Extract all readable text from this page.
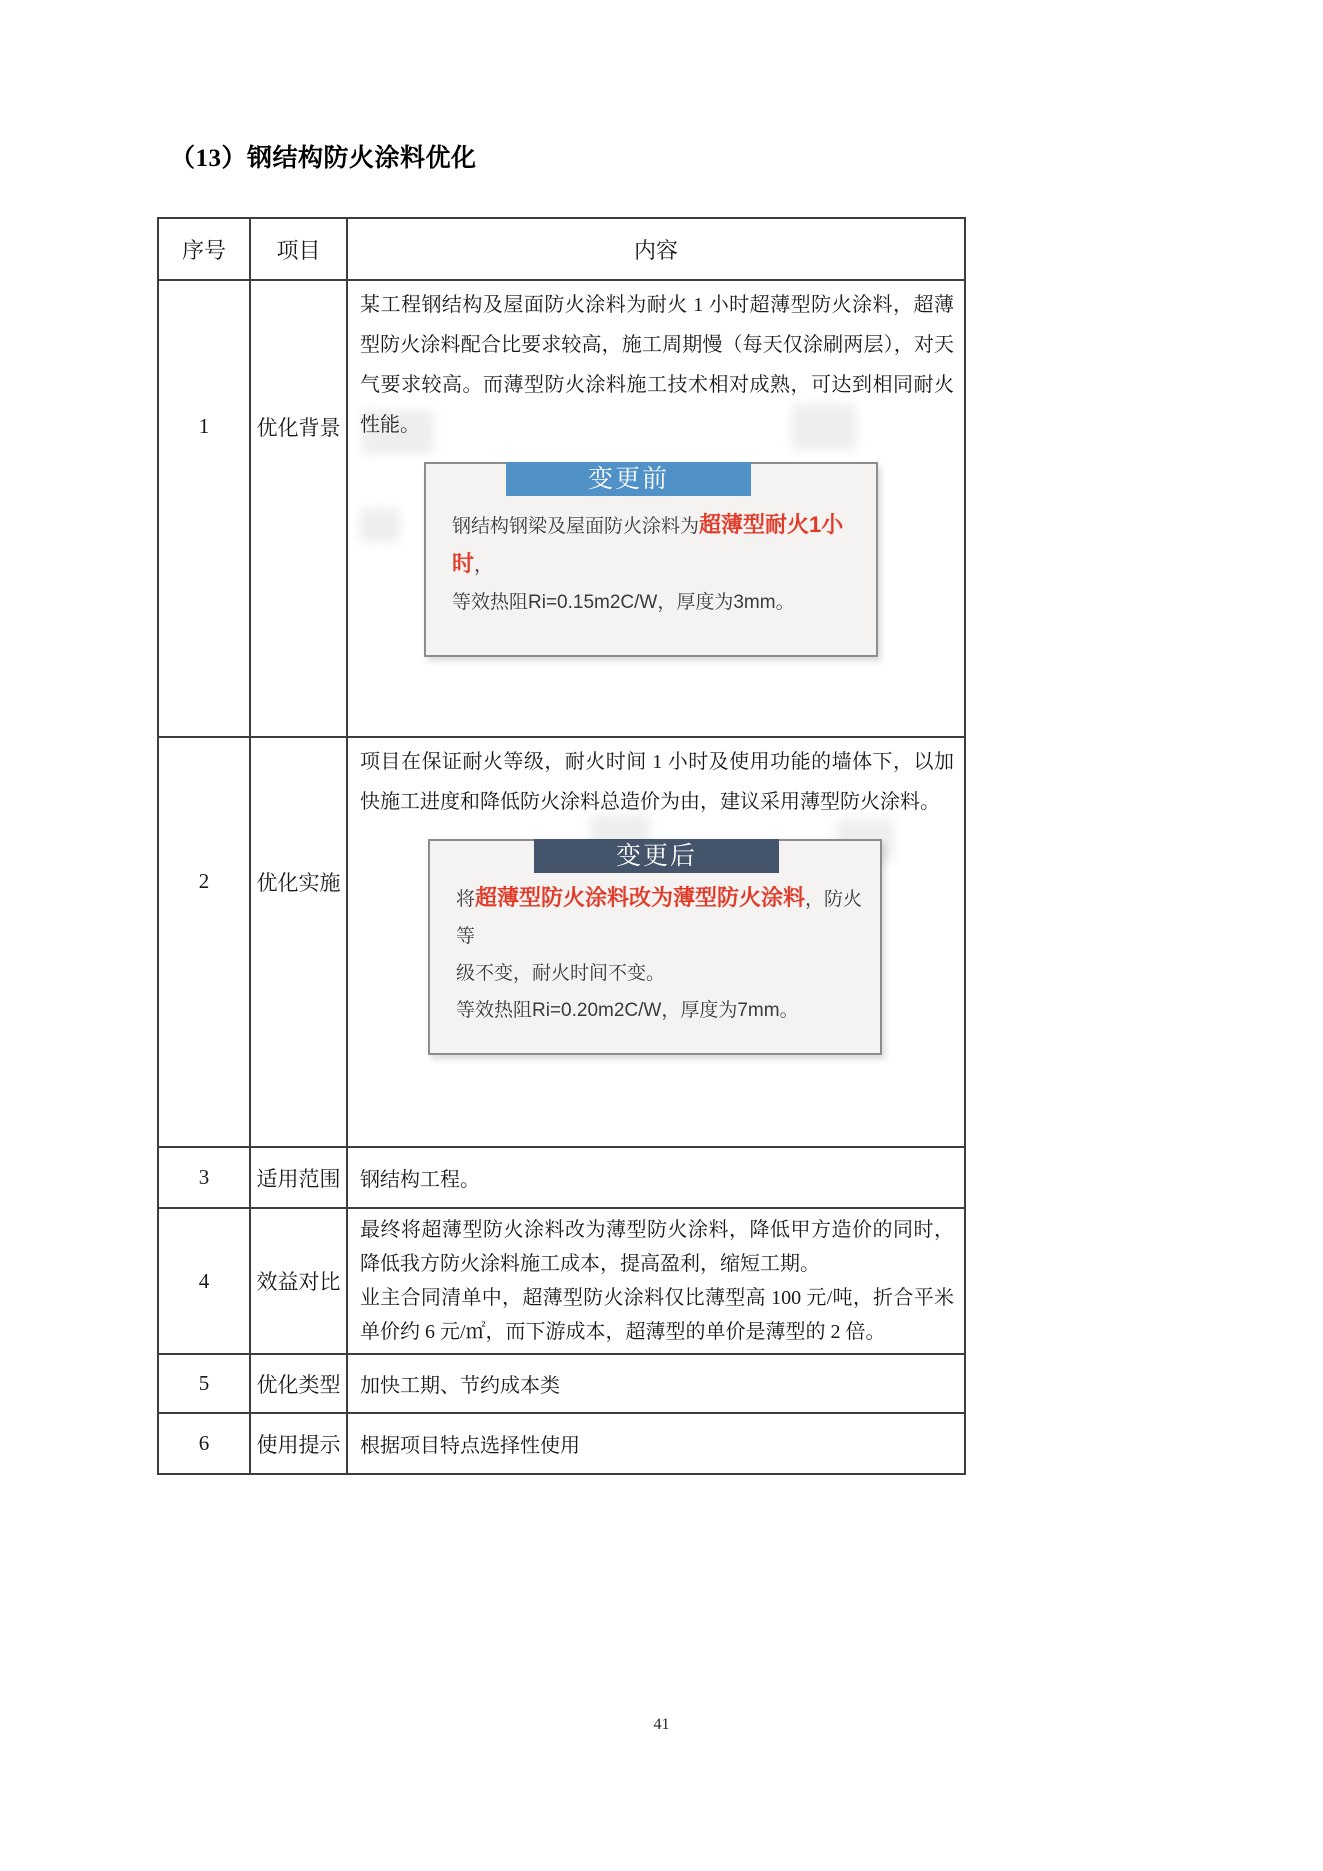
（13）钢结构防火涂料优化
序号	项目	内容
1	优化背景	某工程钢结构及屋面防火涂料为耐火 1 小时超薄型防火涂料，超薄型防火涂料配合比要求较高，施工周期慢（每天仅涂刷两层），对天气要求较高。而薄型防火涂料施工技术相对成熟，可达到相同耐火性能。

变更前
钢结构钢梁及屋面防火涂料为超薄型耐火1小时，
等效热阻Ri=0.15m2C/W，厚度为3mm。

2	优化实施	项目在保证耐火等级，耐火时间 1 小时及使用功能的墙体下，以加快施工进度和降低防火涂料总造价为由，建议采用薄型防火涂料。

变更后
将超薄型防火涂料改为薄型防火涂料，防火等
级不变，耐火时间不变。
等效热阻Ri=0.20m2C/W，厚度为7mm。

3	适用范围	钢结构工程。
4	效益对比	最终将超薄型防火涂料改为薄型防火涂料，降低甲方造价的同时，降低我方防火涂料施工成本，提高盈利，缩短工期。

业主合同清单中，超薄型防火涂料仅比薄型高 100 元/吨，折合平米单价约 6 元/㎡，而下游成本，超薄型的单价是薄型的 2 倍。

5	优化类型	加快工期、节约成本类
6	使用提示	根据项目特点选择性使用
41
